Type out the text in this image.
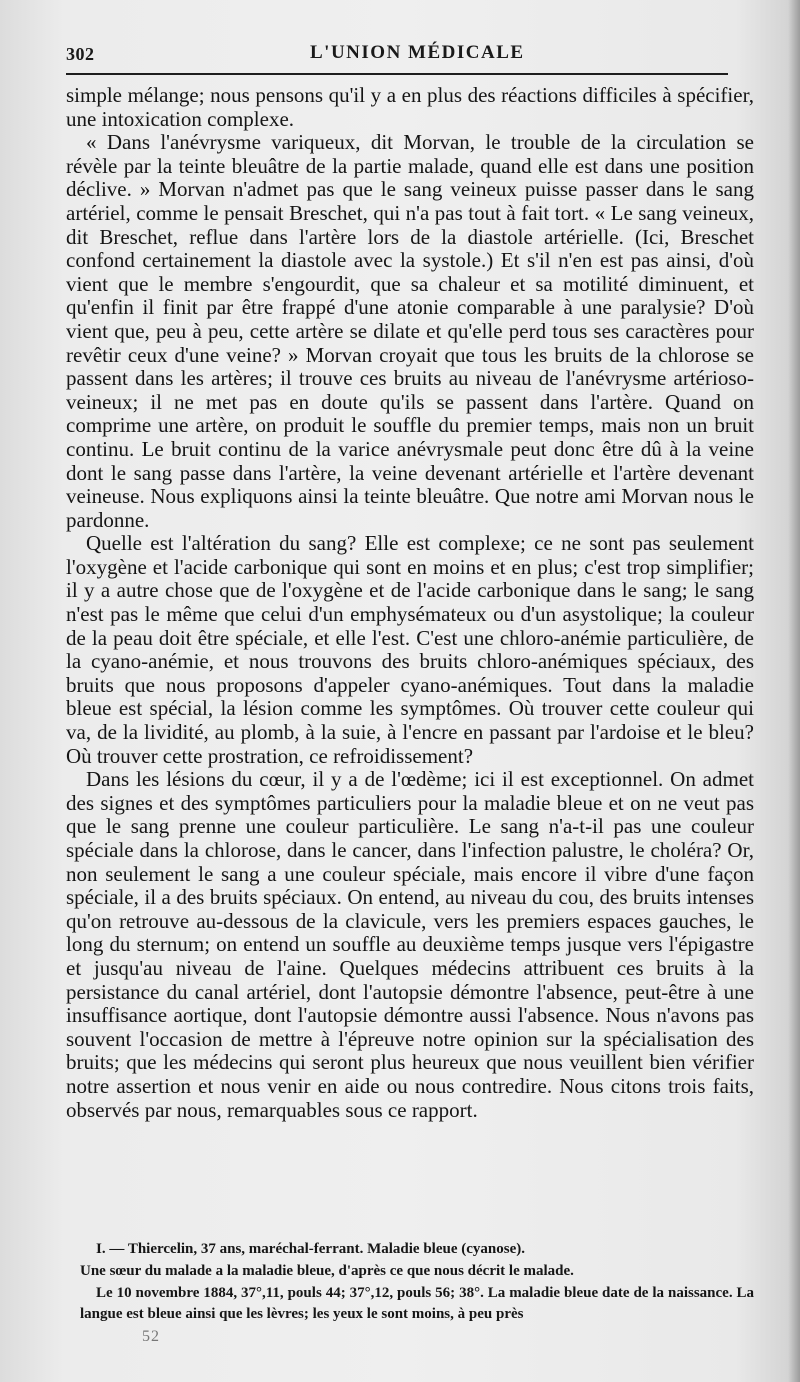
302	L'UNION MÉDICALE

simple mélange; nous pensons qu'il y a en plus des réactions difficiles à spécifier, une intoxication complexe.

« Dans l'anévrysme variqueux, dit Morvan, le trouble de la circulation se révèle par la teinte bleuâtre de la partie malade, quand elle est dans une position déclive. » Morvan n'admet pas que le sang veineux puisse passer dans le sang artériel, comme le pensait Breschet, qui n'a pas tout à fait tort. « Le sang veineux, dit Breschet, reflue dans l'artère lors de la diastole artérielle. (Ici, Breschet confond certainement la diastole avec la systole.) Et s'il n'en est pas ainsi, d'où vient que le membre s'engourdit, que sa chaleur et sa motilité diminuent, et qu'enfin il finit par être frappé d'une atonie comparable à une paralysie? D'où vient que, peu à peu, cette artère se dilate et qu'elle perd tous ses caractères pour revêtir ceux d'une veine? » Morvan croyait que tous les bruits de la chlorose se passent dans les artères; il trouve ces bruits au niveau de l'anévrysme artérioso-veineux; il ne met pas en doute qu'ils se passent dans l'artère. Quand on comprime une artère, on produit le souffle du premier temps, mais non un bruit continu. Le bruit continu de la varice anévrysmale peut donc être dû à la veine dont le sang passe dans l'artère, la veine devenant artérielle et l'artère devenant veineuse. Nous expliquons ainsi la teinte bleuâtre. Que notre ami Morvan nous le pardonne.

Quelle est l'altération du sang? Elle est complexe; ce ne sont pas seulement l'oxygène et l'acide carbonique qui sont en moins et en plus; c'est trop simplifier; il y a autre chose que de l'oxygène et de l'acide carbonique dans le sang; le sang n'est pas le même que celui d'un emphysémateux ou d'un asystolique; la couleur de la peau doit être spéciale, et elle l'est. C'est une chloro-anémie particulière, de la cyano-anémie, et nous trouvons des bruits chloro-anémiques spéciaux, des bruits que nous proposons d'appeler cyano-anémiques. Tout dans la maladie bleue est spécial, la lésion comme les symptômes. Où trouver cette couleur qui va, de la lividité, au plomb, à la suie, à l'encre en passant par l'ardoise et le bleu? Où trouver cette prostration, ce refroidissement?

Dans les lésions du cœur, il y a de l'œdème; ici il est exceptionnel. On admet des signes et des symptômes particuliers pour la maladie bleue et on ne veut pas que le sang prenne une couleur particulière. Le sang n'a-t-il pas une couleur spéciale dans la chlorose, dans le cancer, dans l'infection palustre, le choléra? Or, non seulement le sang a une couleur spéciale, mais encore il vibre d'une façon spéciale, il a des bruits spéciaux. On entend, au niveau du cou, des bruits intenses qu'on retrouve au-dessous de la clavicule, vers les premiers espaces gauches, le long du sternum; on entend un souffle au deuxième temps jusque vers l'épigastre et jusqu'au niveau de l'aine. Quelques médecins attribuent ces bruits à la persistance du canal artériel, dont l'autopsie démontre l'absence, peut-être à une insuffisance aortique, dont l'autopsie démontre aussi l'absence. Nous n'avons pas souvent l'occasion de mettre à l'épreuve notre opinion sur la spécialisation des bruits; que les médecins qui seront plus heureux que nous veuillent bien vérifier notre assertion et nous venir en aide ou nous contredire. Nous citons trois faits, observés par nous, remarquables sous ce rapport.

I. — Thiercelin, 37 ans, maréchal-ferrant. Maladie bleue (cyanose).

Une sœur du malade a la maladie bleue, d'après ce que nous décrit le malade.

Le 10 novembre 1884, 37°,11, pouls 44; 37°,12, pouls 56; 38°. La maladie bleue date de la naissance. La langue est bleue ainsi que les lèvres; les yeux le sont moins, à peu près

52
